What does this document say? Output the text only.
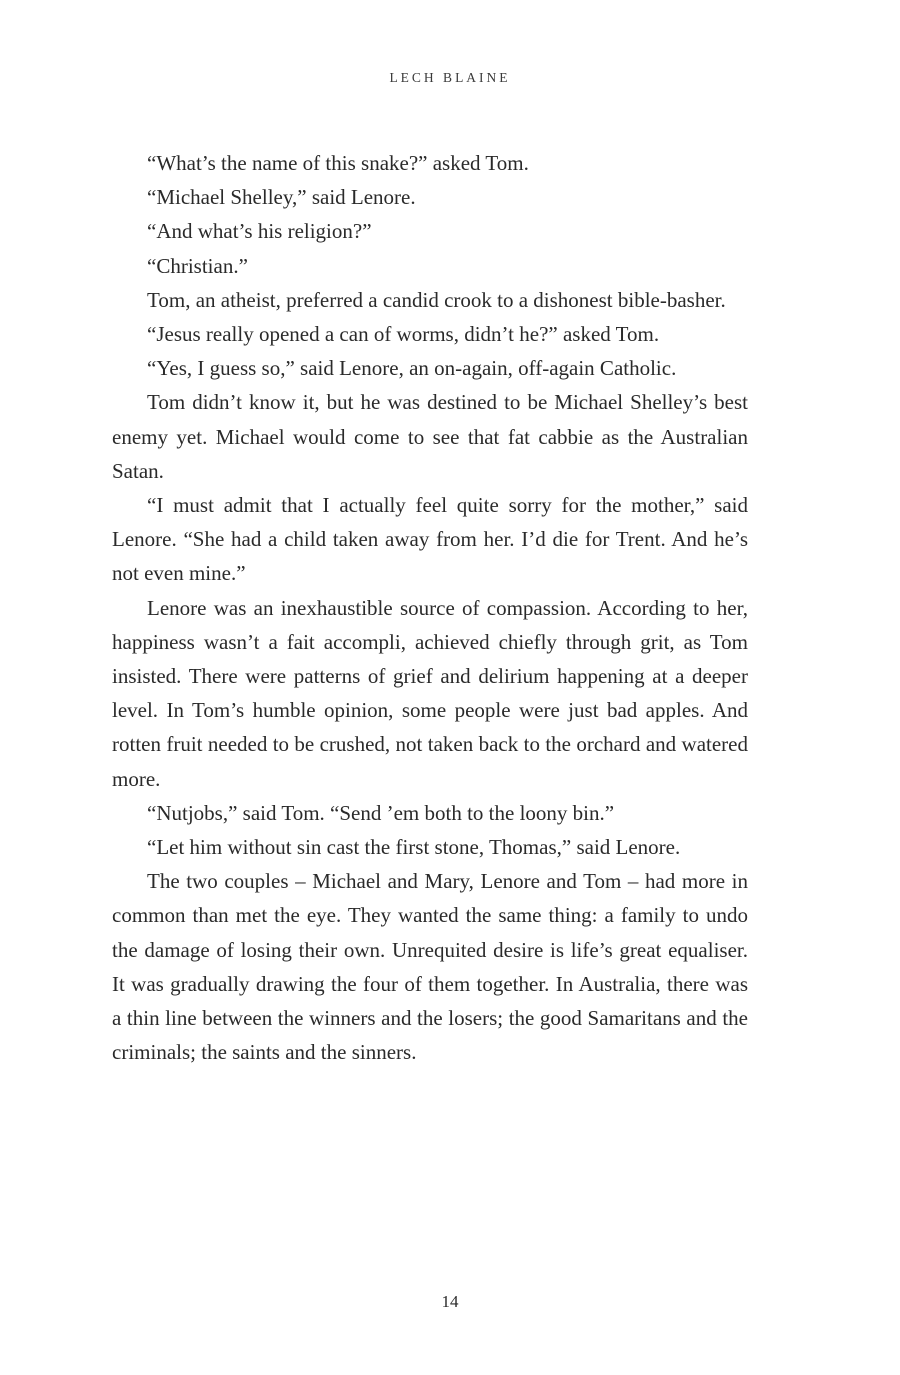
LECH BLAINE

“What’s the name of this snake?” asked Tom.

“Michael Shelley,” said Lenore.

“And what’s his religion?”

“Christian.”

Tom, an atheist, preferred a candid crook to a dishonest bible-basher.

“Jesus really opened a can of worms, didn’t he?” asked Tom.

“Yes, I guess so,” said Lenore, an on-again, off-again Catholic.

Tom didn’t know it, but he was destined to be Michael Shelley’s best enemy yet. Michael would come to see that fat cabbie as the Australian Satan.

“I must admit that I actually feel quite sorry for the mother,” said Lenore. “She had a child taken away from her. I’d die for Trent. And he’s not even mine.”

Lenore was an inexhaustible source of compassion. According to her, happiness wasn’t a fait accompli, achieved chiefly through grit, as Tom insisted. There were patterns of grief and delirium happening at a deeper level. In Tom’s humble opinion, some people were just bad apples. And rotten fruit needed to be crushed, not taken back to the orchard and watered more.

“Nutjobs,” said Tom. “Send ’em both to the loony bin.”

“Let him without sin cast the first stone, Thomas,” said Lenore.

The two couples – Michael and Mary, Lenore and Tom – had more in common than met the eye. They wanted the same thing: a family to undo the damage of losing their own. Unrequited desire is life’s great equaliser. It was gradually drawing the four of them together. In Australia, there was a thin line between the winners and the losers; the good Samaritans and the criminals; the saints and the sinners.

14
